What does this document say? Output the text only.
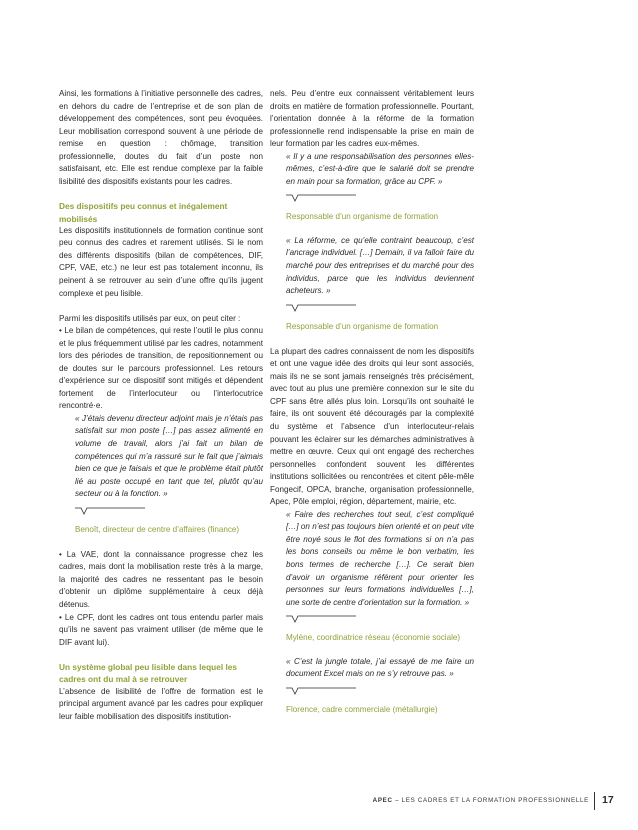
Ainsi, les formations à l’initiative personnelle des cadres, en dehors du cadre de l’entreprise et de son plan de développement des compétences, sont peu évoquées. Leur mobilisation correspond souvent à une période de remise en question : chômage, transition professionnelle, doutes du fait d’un poste non satisfaisant, etc. Elle est rendue complexe par la faible lisibilité des dispositifs existants pour les cadres.

Des dispositifs peu connus et inégalement mobilisés

Les dispositifs institutionnels de formation continue sont peu connus des cadres et rarement utilisés. Si le nom des différents dispositifs (bilan de compétences, DIF, CPF, VAE, etc.) ne leur est pas totalement inconnu, ils peinent à se retrouver au sein d’une offre qu’ils jugent complexe et peu lisible.

Parmi les dispositifs utilisés par eux, on peut citer :

• Le bilan de compétences, qui reste l’outil le plus connu et le plus fréquemment utilisé par les cadres, notamment lors des périodes de transition, de repositionnement ou de doutes sur le parcours professionnel. Les retours d’expérience sur ce dispositif sont mitigés et dépendent fortement de l’interlocuteur ou l’interlocutrice rencontré·e.

« J’étais devenu directeur adjoint mais je n’étais pas satisfait sur mon poste […] pas assez alimenté en volume de travail, alors j’ai fait un bilan de compétences qui m’a rassuré sur le fait que j’aimais bien ce que je faisais et que le problème était plutôt lié au poste occupé en tant que tel, plutôt qu’au secteur ou à la fonction. »

Benoît, directeur de centre d’affaires (finance)

• La VAE, dont la connaissance progresse chez les cadres, mais dont la mobilisation reste très à la marge, la majorité des cadres ne ressentant pas le besoin d’obtenir un diplôme supplémentaire à ceux déjà détenus.

• Le CPF, dont les cadres ont tous entendu parler mais qu’ils ne savent pas vraiment utiliser (de même que le DIF avant lui).

Un système global peu lisible dans lequel les cadres ont du mal à se retrouver

L’absence de lisibilité de l’offre de formation est le principal argument avancé par les cadres pour expliquer leur faible mobilisation des dispositifs institution-

nels. Peu d’entre eux connaissent véritablement leurs droits en matière de formation professionnelle. Pourtant, l’orientation donnée à la réforme de la formation professionnelle rend indispensable la prise en main de leur formation par les cadres eux-mêmes.

« Il y a une responsabilisation des personnes elles-mêmes, c’est-à-dire que le salarié doit se prendre en main pour sa formation, grâce au CPF. »

Responsable d’un organisme de formation

« La réforme, ce qu’elle contraint beaucoup, c’est l’ancrage individuel. […] Demain, il va falloir faire du marché pour des entreprises et du marché pour des individus, parce que les individus deviennent acheteurs. »

Responsable d’un organisme de formation

La plupart des cadres connaissent de nom les dispositifs et ont une vague idée des droits qui leur sont associés, mais ils ne se sont jamais renseignés très précisément, avec tout au plus une première connexion sur le site du CPF sans être allés plus loin. Lorsqu’ils ont souhaité le faire, ils ont souvent été découragés par la complexité du système et l’absence d’un interlocuteur-relais pouvant les éclairer sur les démarches administratives à mettre en œuvre. Ceux qui ont engagé des recherches personnelles confondent souvent les différentes institutions sollicitées ou rencontrées et citent pêle-mêle Fongecif, OPCA, branche, organisation professionnelle, Apec, Pôle emploi, région, département, mairie, etc.

« Faire des recherches tout seul, c’est compliqué […] on n’est pas toujours bien orienté et on peut vite être noyé sous le flot des formations si on n’a pas les bons conseils ou même le bon verbatim, les bons termes de recherche […]. Ce serait bien d’avoir un organisme référent pour orienter les personnes sur leurs formations individuelles […], une sorte de centre d’orientation sur la formation. »

Mylène, coordinatrice réseau (économie sociale)

« C’est la jungle totale, j’ai essayé de me faire un document Excel mais on ne s’y retrouve pas. »

Florence, cadre commerciale (métallurgie)

APEC – LES CADRES ET LA FORMATION PROFESSIONNELLE 17
